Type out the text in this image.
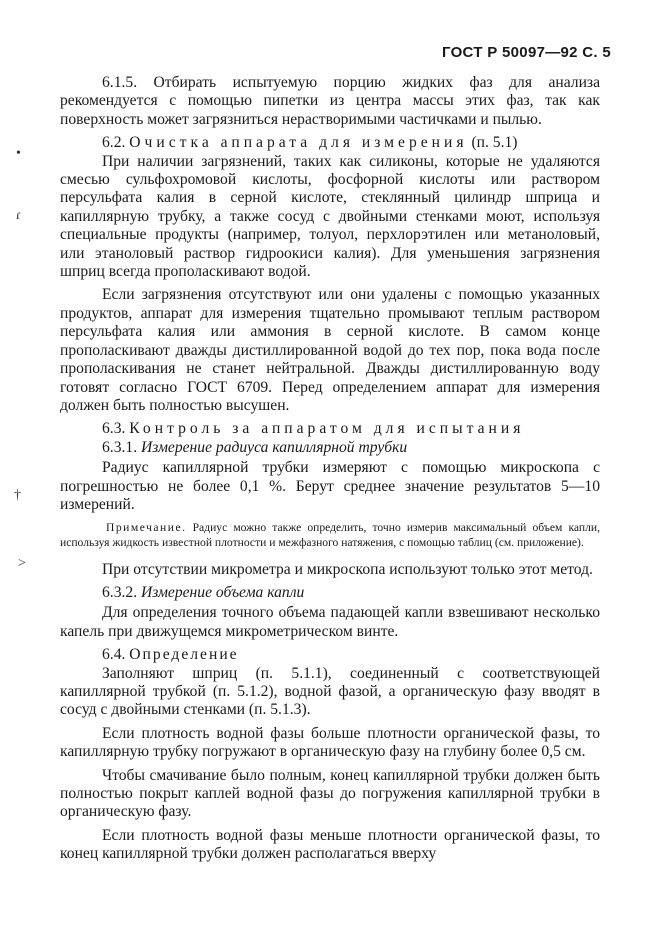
ГОСТ Р 50097—92 С. 5
•
ɾ
†
˃

6.1.5. Отбирать испытуемую порцию жидких фаз для анализа рекомендуется с помощью пипетки из центра массы этих фаз, так как поверхность может загрязниться нерастворимыми частичками и пылью.

6.2. Очистка аппарата для измерения (п. 5.1)

При наличии загрязнений, таких как силиконы, которые не удаляются смесью сульфохромовой кислоты, фосфорной кислоты или раствором персульфата калия в серной кислоте, стеклянный цилиндр шприца и капиллярную трубку, а также сосуд с двойными стенками моют, используя специальные продукты (например, толуол, перхлорэтилен или метаноловый, или этаноловый раствор гидроокиси калия). Для уменьшения загрязнения шприц всегда прополаскивают водой.

Если загрязнения отсутствуют или они удалены с помощью указанных продуктов, аппарат для измерения тщательно промывают теплым раствором персульфата калия или аммония в серной кислоте. В самом конце прополаскивают дважды дистиллированной водой до тех пор, пока вода после прополаскивания не станет нейтральной. Дважды дистиллированную воду готовят согласно ГОСТ 6709. Перед определением аппарат для измерения должен быть полностью высушен.

6.3. Контроль за аппаратом для испытания

6.3.1. Измерение радиуса капиллярной трубки

Радиус капиллярной трубки измеряют с помощью микроскопа с погрешностью не более 0,1 %. Берут среднее значение результатов 5—10 измерений.

Примечание. Радиус можно также определить, точно измерив максимальный объем капли, используя жидкость известной плотности и межфазного натяжения, с помощью таблиц (см. приложение).

При отсутствии микрометра и микроскопа используют только этот метод.

6.3.2. Измерение объема капли

Для определения точного объема падающей капли взвешивают несколько капель при движущемся микрометрическом винте.

6.4. Определение

Заполняют шприц (п. 5.1.1), соединенный с соответствующей капиллярной трубкой (п. 5.1.2), водной фазой, а органическую фазу вводят в сосуд с двойными стенками (п. 5.1.3).

Если плотность водной фазы больше плотности органической фазы, то капиллярную трубку погружают в органическую фазу на глубину более 0,5 см.

Чтобы смачивание было полным, конец капиллярной трубки должен быть полностью покрыт каплей водной фазы до погружения капиллярной трубки в органическую фазу.

Если плотность водной фазы меньше плотности органической фазы, то конец капиллярной трубки должен располагаться вверху
